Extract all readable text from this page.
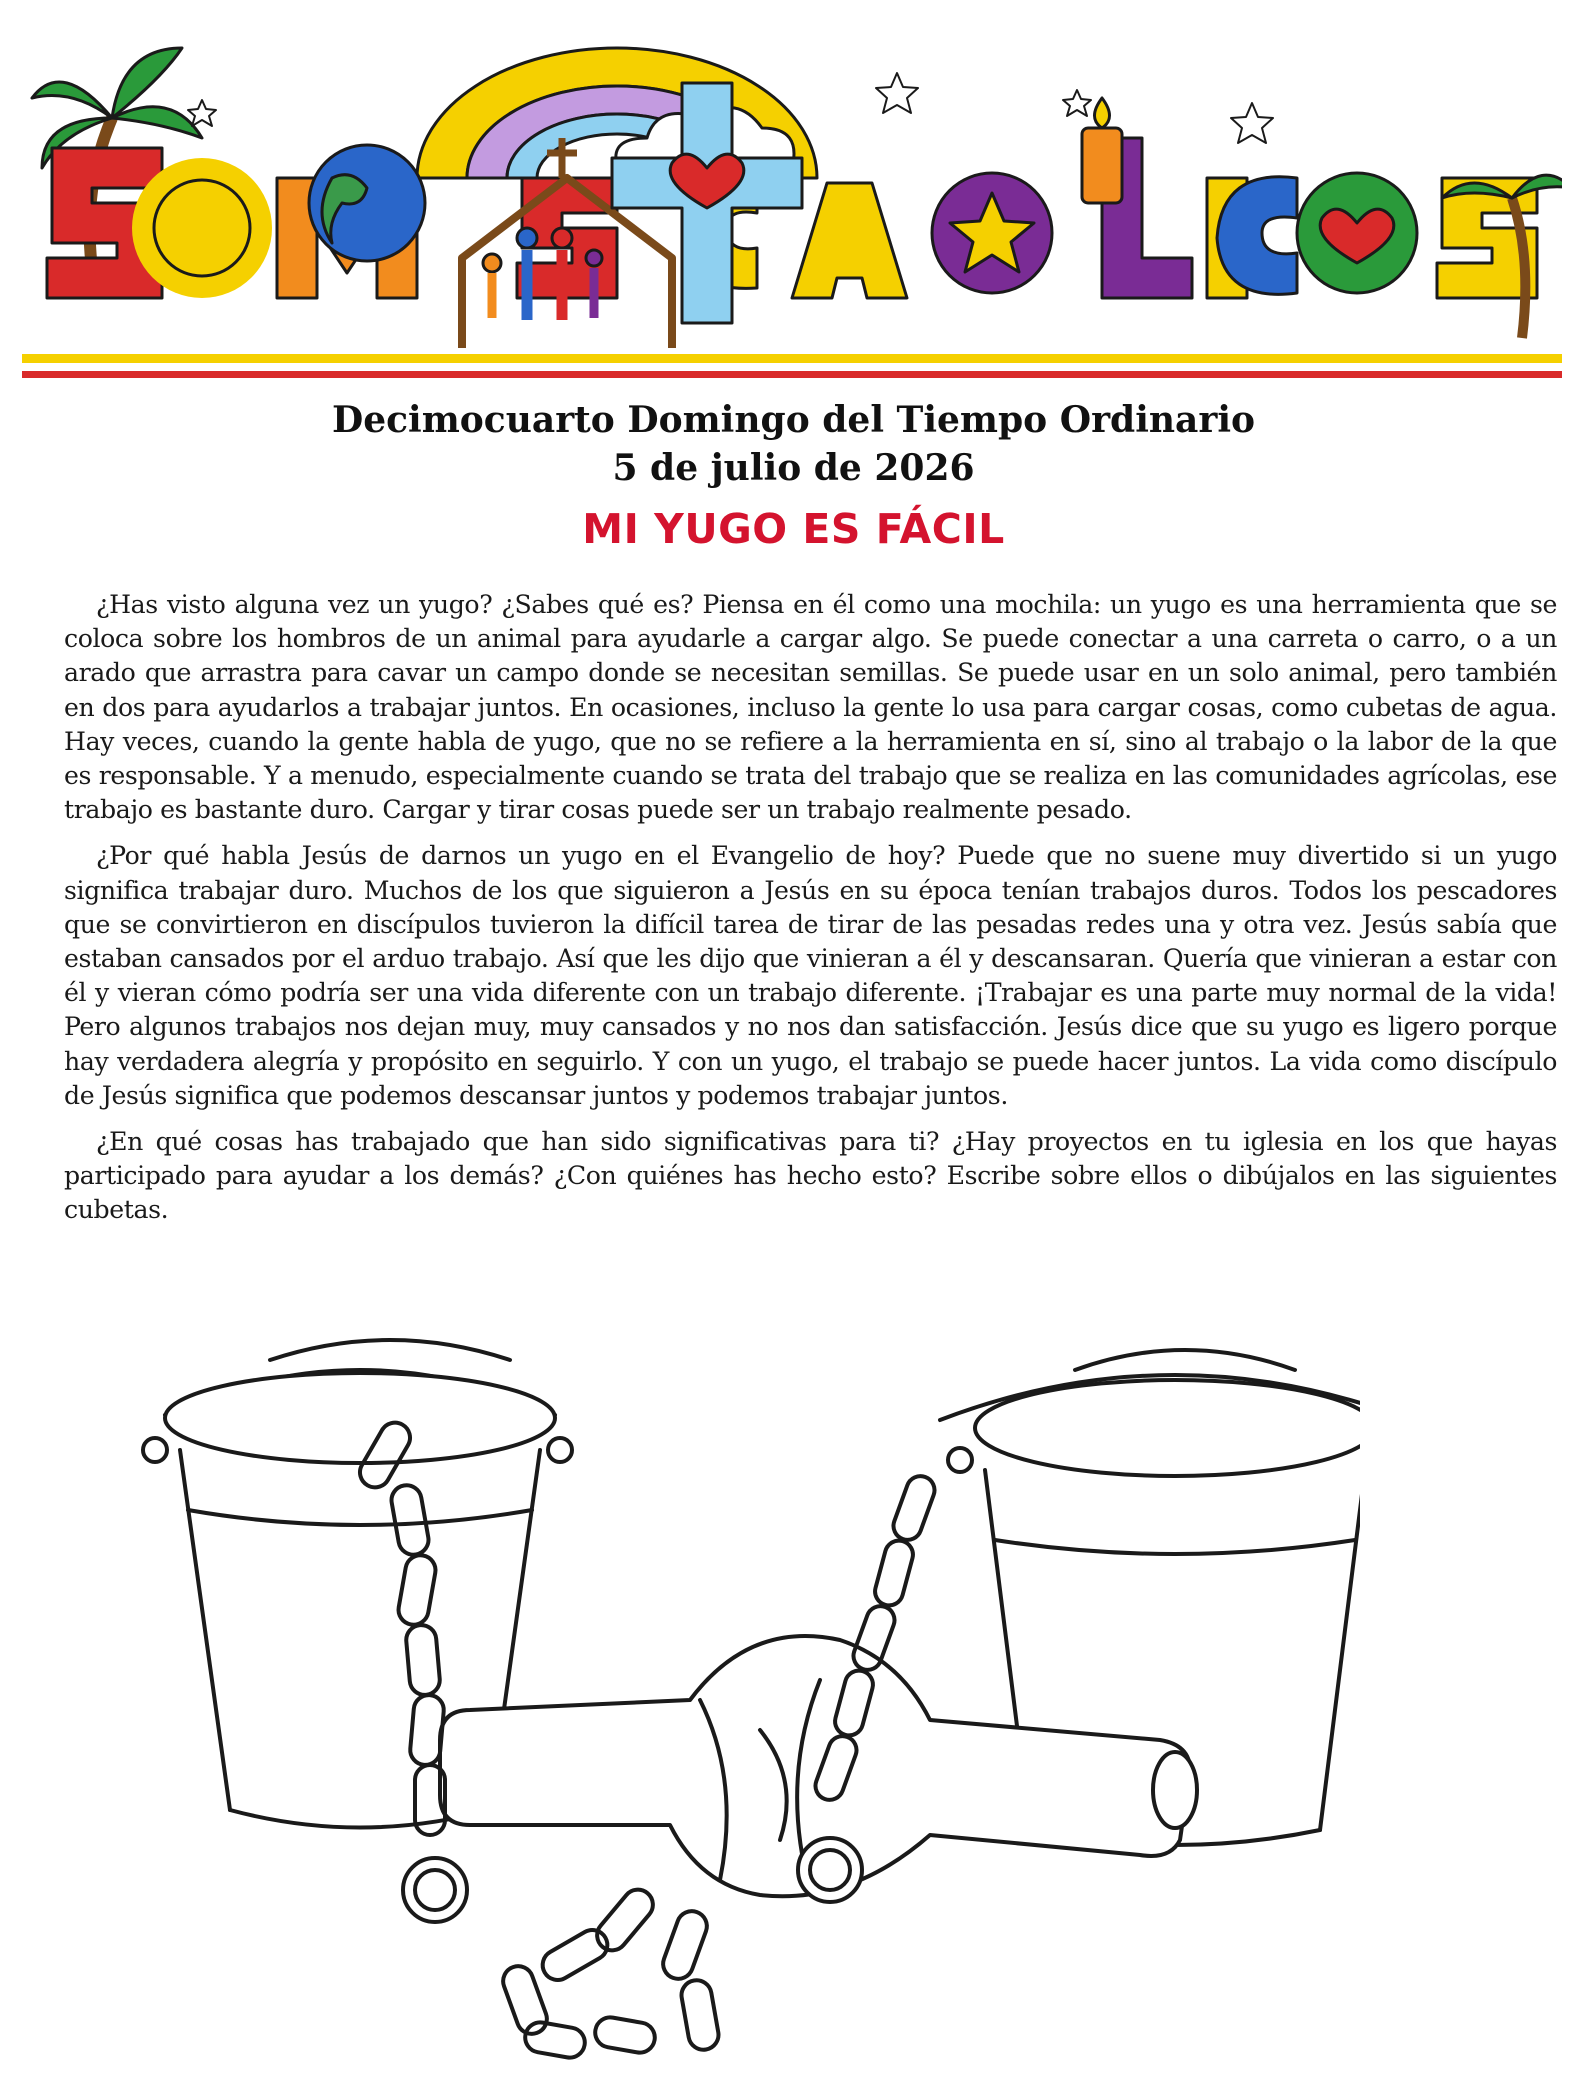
Decimocuarto Domingo del Tiempo Ordinario
5 de julio de 2026
MI YUGO ES FÁCIL

¿Has visto alguna vez un yugo? ¿Sabes qué es? Piensa en él como una mochila: un yugo es una herramienta que se coloca sobre los hombros de un animal para ayudarle a cargar algo. Se puede conectar a una carreta o carro, o a un arado que arrastra para cavar un campo donde se necesitan semillas. Se puede usar en un solo animal, pero también en dos para ayudarlos a trabajar juntos. En ocasiones, incluso la gente lo usa para cargar cosas, como cubetas de agua. Hay veces, cuando la gente habla de yugo, que no se refiere a la herramienta en sí, sino al trabajo o la labor de la que es responsable. Y a menudo, especialmente cuando se trata del trabajo que se realiza en las comunidades agrícolas, ese trabajo es bastante duro. Cargar y tirar cosas puede ser un trabajo realmente pesado.

¿Por qué habla Jesús de darnos un yugo en el Evangelio de hoy? Puede que no suene muy divertido si un yugo significa trabajar duro. Muchos de los que siguieron a Jesús en su época tenían trabajos duros. Todos los pescadores que se convirtieron en discípulos tuvieron la difícil tarea de tirar de las pesadas redes una y otra vez. Jesús sabía que estaban cansados por el arduo trabajo. Así que les dijo que vinieran a él y descansaran. Quería que vinieran a estar con él y vieran cómo podría ser una vida diferente con un trabajo diferente. ¡Trabajar es una parte muy normal de la vida! Pero algunos trabajos nos dejan muy, muy cansados y no nos dan satisfacción. Jesús dice que su yugo es ligero porque hay verdadera alegría y propósito en seguirlo. Y con un yugo, el trabajo se puede hacer juntos. La vida como discípulo de Jesús significa que podemos descansar juntos y podemos trabajar juntos.

¿En qué cosas has trabajado que han sido significativas para ti? ¿Hay proyectos en tu iglesia en los que hayas participado para ayudar a los demás? ¿Con quiénes has hecho esto? Escribe sobre ellos o dibújalos en las siguientes cubetas.
